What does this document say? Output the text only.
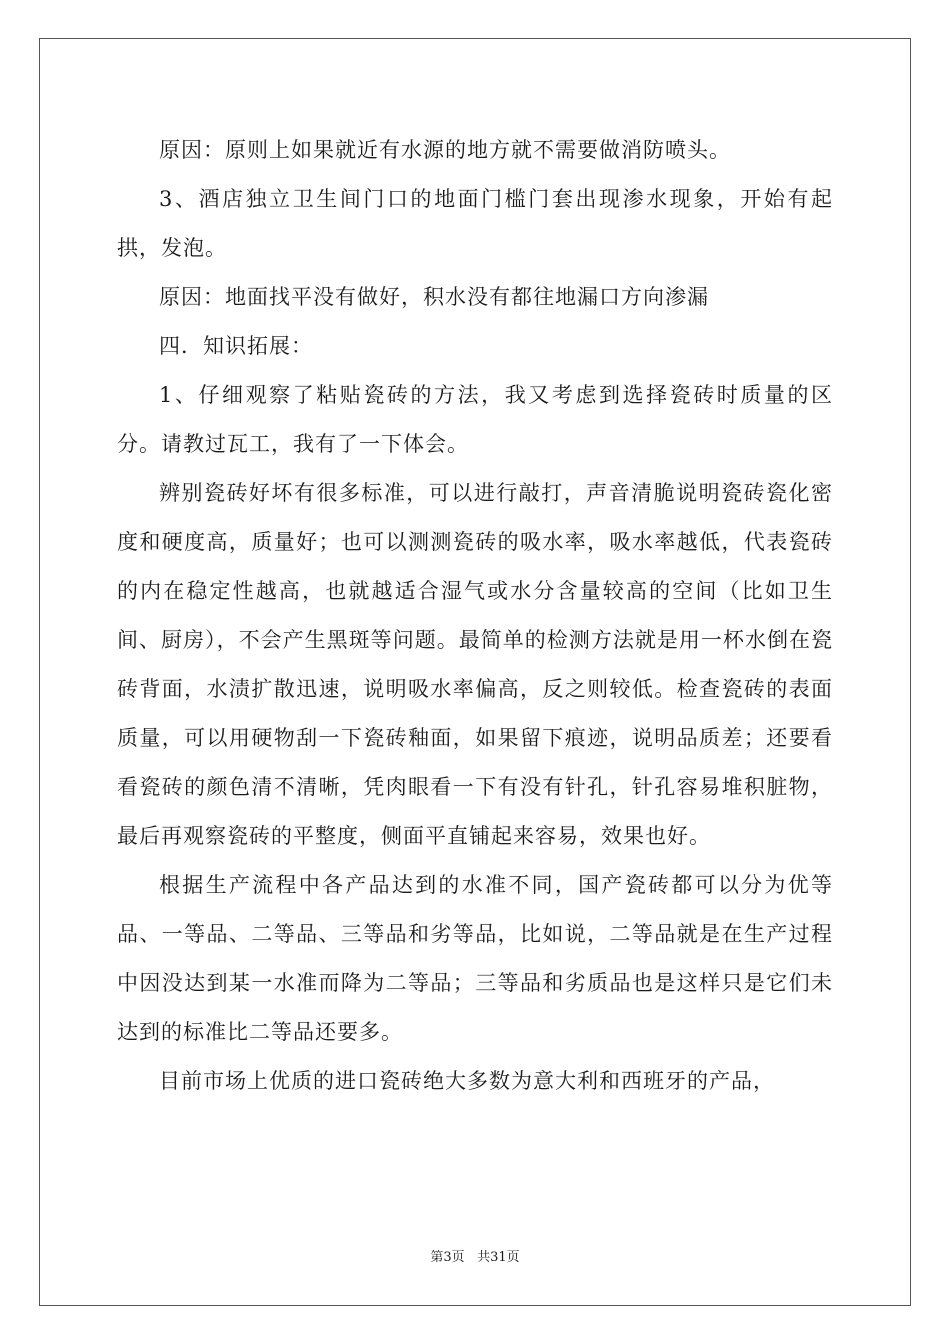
原因：原则上如果就近有水源的地方就不需要做消防喷头。

3、酒店独立卫生间门口的地面门槛门套出现渗水现象，开始有起拱，发泡。

原因：地面找平没有做好，积水没有都往地漏口方向渗漏

四．知识拓展：

1、仔细观察了粘贴瓷砖的方法，我又考虑到选择瓷砖时质量的区分。请教过瓦工，我有了一下体会。

辨别瓷砖好坏有很多标准，可以进行敲打，声音清脆说明瓷砖瓷化密度和硬度高，质量好；也可以测测瓷砖的吸水率，吸水率越低，代表瓷砖的内在稳定性越高，也就越适合湿气或水分含量较高的空间（比如卫生间、厨房），不会产生黑斑等问题。最简单的检测方法就是用一杯水倒在瓷砖背面，水渍扩散迅速，说明吸水率偏高，反之则较低。检查瓷砖的表面质量，可以用硬物刮一下瓷砖釉面，如果留下痕迹，说明品质差；还要看看瓷砖的颜色清不清晰，凭肉眼看一下有没有针孔，针孔容易堆积脏物，最后再观察瓷砖的平整度，侧面平直铺起来容易，效果也好。

根据生产流程中各产品达到的水准不同，国产瓷砖都可以分为优等品、一等品、二等品、三等品和劣等品，比如说，二等品就是在生产过程中因没达到某一水准而降为二等品；三等品和劣质品也是这样只是它们未达到的标准比二等品还要多。

目前市场上优质的进口瓷砖绝大多数为意大利和西班牙的产品，

第3页 共31页
